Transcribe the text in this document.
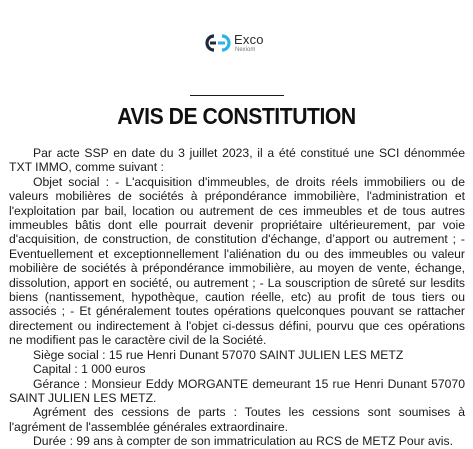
Exco
Nexiom
AVIS DE CONSTITUTION

Par acte SSP en date du 3 juillet 2023, il a été constitué une SCI dénommée TXT IMMO, comme suivant :

Objet social : - L'acquisition d'immeubles, de droits réels immobiliers ou de valeurs mobilières de sociétés à prépondérance immobilière, l'administration et l'exploitation par bail, location ou autrement de ces immeubles et de tous autres immeubles bâtis dont elle pourrait devenir propriétaire ultérieurement, par voie d'acquisition, de construction, de constitution d'échange, d’apport ou autrement ; - Eventuellement et exceptionnellement l'aliénation du ou des immeubles ou valeur mobilière de sociétés à prépondérance immobilière, au moyen de vente, échange, dissolution, apport en société, ou autrement ; - La souscription de sûreté sur lesdits biens (nantissement, hypothèque, caution réelle, etc) au profit de tous tiers ou associés ; - Et généralement toutes opérations quelconques pouvant se rattacher directement ou indirectement à l'objet ci-dessus défini, pourvu que ces opérations ne modifient pas le caractère civil de la Société.

Siège social : 15 rue Henri Dunant 57070 SAINT JULIEN LES METZ

Capital : 1 000 euros

Gérance : Monsieur Eddy MORGANTE demeurant 15 rue Henri Dunant 57070 SAINT JULIEN LES METZ.

Agrément des cessions de parts : Toutes les cessions sont soumises à l'agrément de l'assemblée générales extraordinaire.

Durée : 99 ans à compter de son immatriculation au RCS de METZ Pour avis.
